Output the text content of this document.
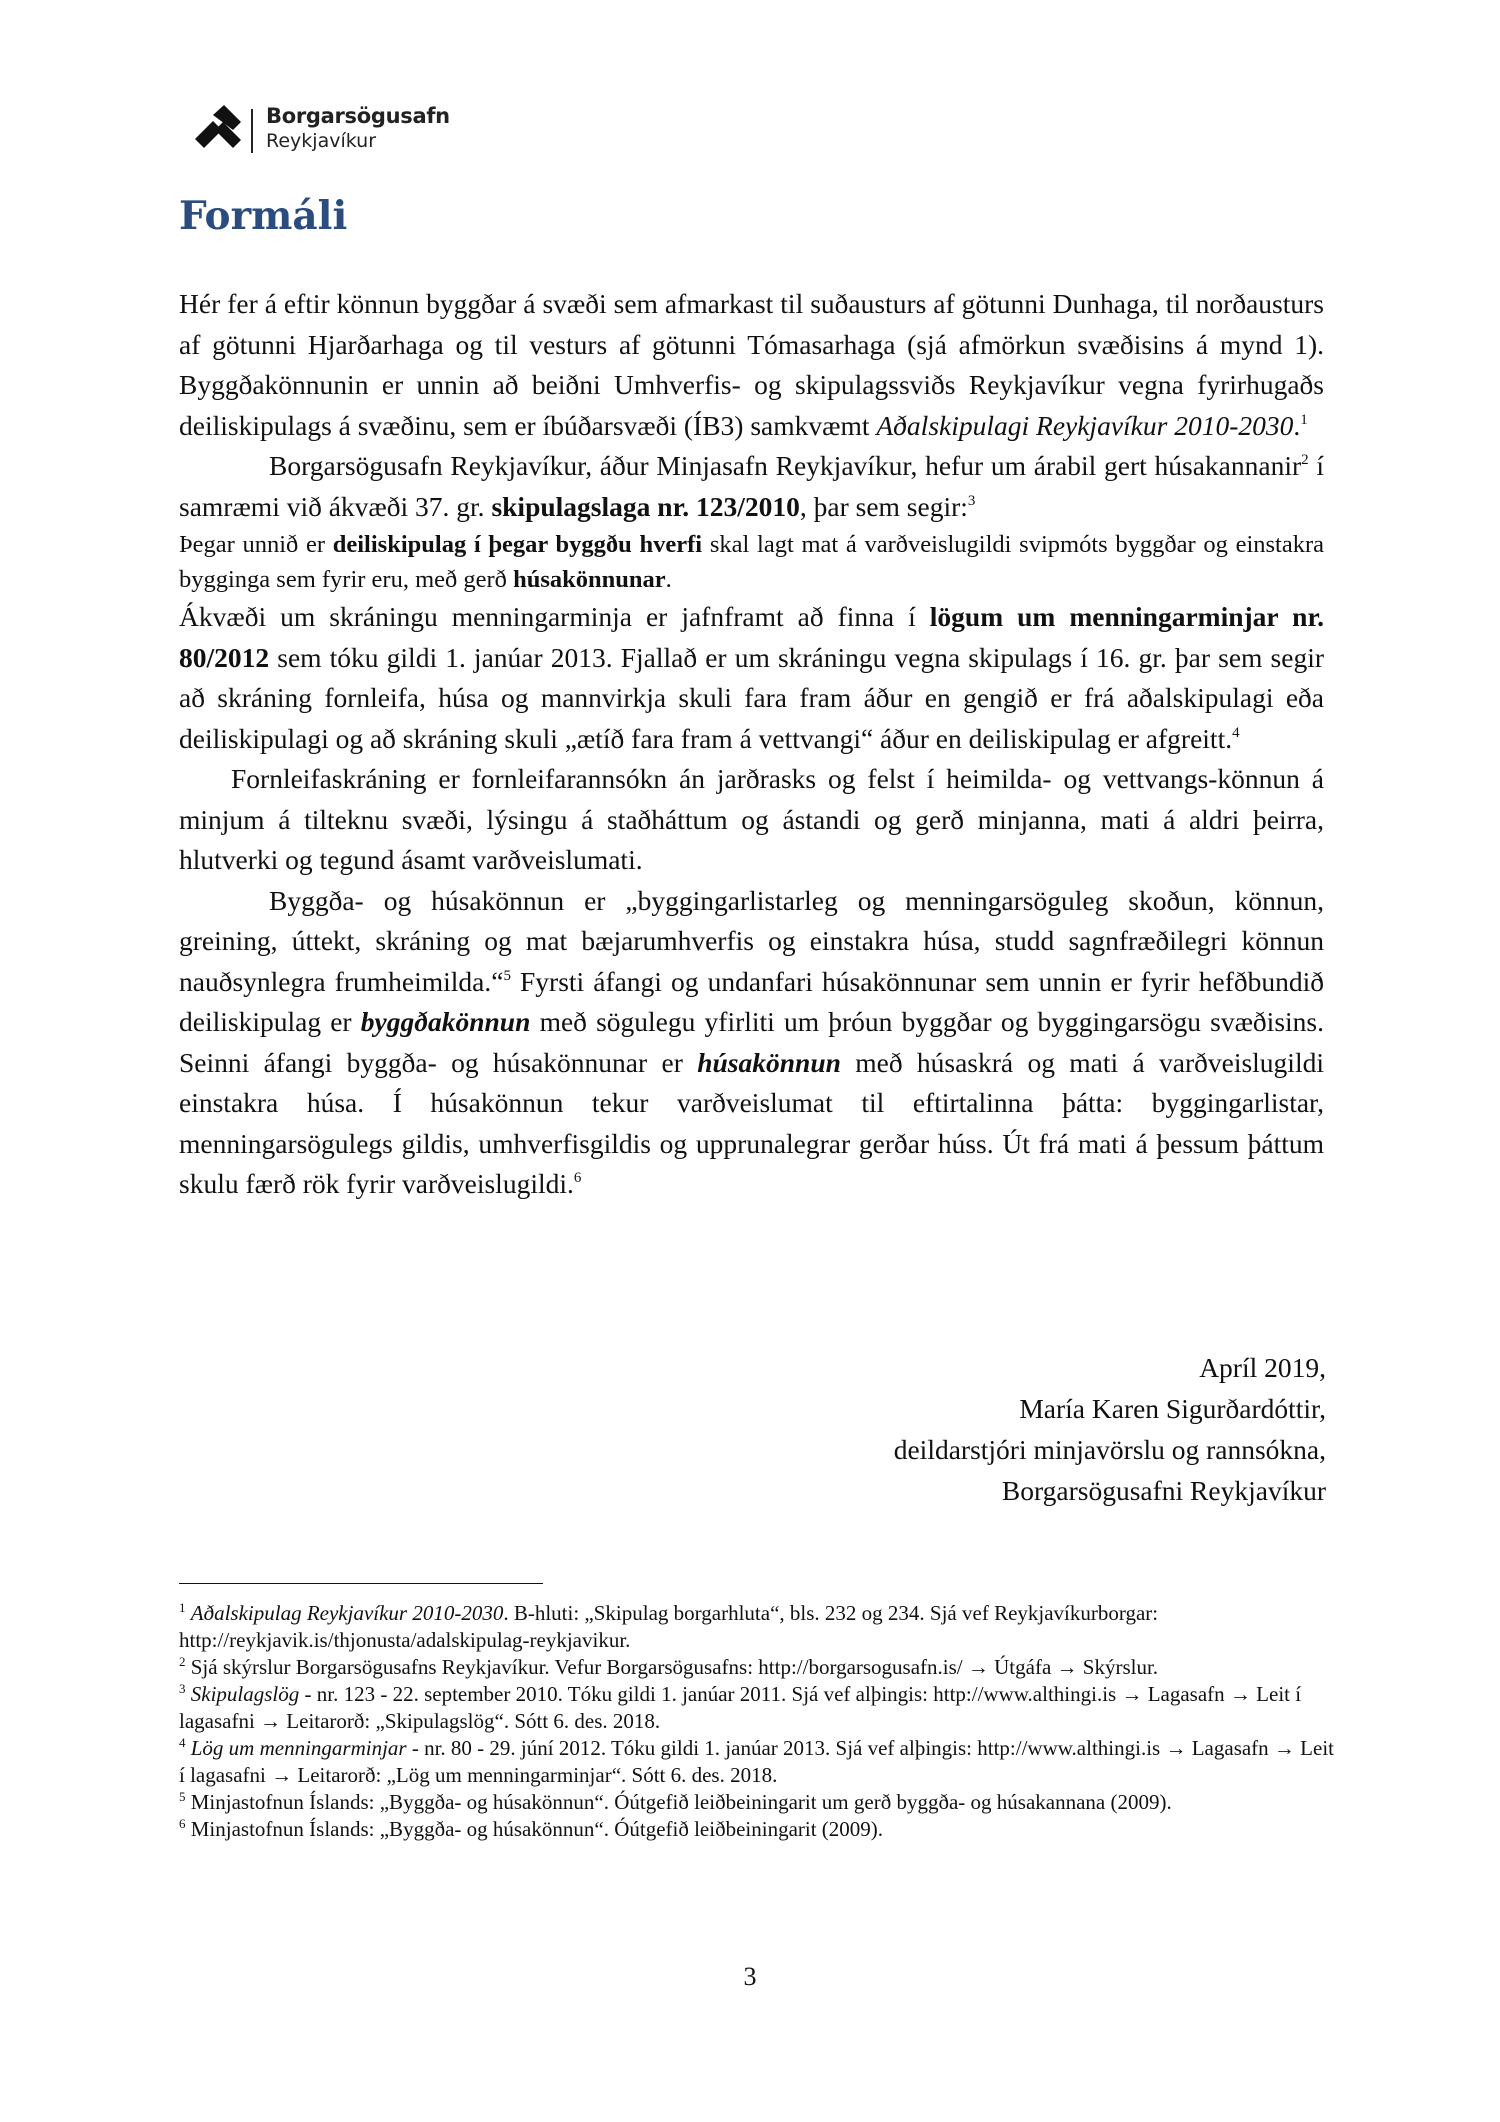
Borgarsögusafn
Reykjavíkur
Formáli

Hér fer á eftir könnun byggðar á svæði sem afmarkast til suðausturs af götunni Dunhaga, til norðausturs af götunni Hjarðarhaga og til vesturs af götunni Tómasarhaga (sjá afmörkun svæðisins á mynd 1). Byggðakönnunin er unnin að beiðni Umhverfis- og skipulagssviðs Reykjavíkur vegna fyrirhugaðs deiliskipulags á svæðinu, sem er íbúðarsvæði (ÍB3) samkvæmt Aðalskipulagi Reykjavíkur 2010-2030.$^1$

Borgarsögusafn Reykjavíkur, áður Minjasafn Reykjavíkur, hefur um árabil gert húsakannanir$^2$ í samræmi við ákvæði 37. gr. skipulagslaga nr. 123/2010, þar sem segir:$^3$

Þegar unnið er deiliskipulag í þegar byggðu hverfi skal lagt mat á varðveislugildi svipmóts byggðar og einstakra bygginga sem fyrir eru, með gerð húsakönnunar.

Ákvæði um skráningu menningarminja er jafnframt að finna í lögum um menningarminjar nr. 80/2012 sem tóku gildi 1. janúar 2013. Fjallað er um skráningu vegna skipulags í 16. gr. þar sem segir að skráning fornleifa, húsa og mannvirkja skuli fara fram áður en gengið er frá aðalskipulagi eða deiliskipulagi og að skráning skuli „ætíð fara fram á vettvangi“ áður en deiliskipulag er afgreitt.$^4$

Fornleifaskráning er fornleifarannsókn án jarðrasks og felst í heimilda- og vettvangs-könnun á minjum á tilteknu svæði, lýsingu á staðháttum og ástandi og gerð minjanna, mati á aldri þeirra, hlutverki og tegund ásamt varðveislumati.

Byggða- og húsakönnun er „byggingarlistarleg og menningarsöguleg skoðun, könnun, greining, úttekt, skráning og mat bæjarumhverfis og einstakra húsa, studd sagnfræðilegri könnun nauðsynlegra frumheimilda.“$^5$ Fyrsti áfangi og undanfari húsakönnunar sem unnin er fyrir hefðbundið deiliskipulag er byggðakönnun með sögulegu yfirliti um þróun byggðar og byggingarsögu svæðisins. Seinni áfangi byggða- og húsakönnunar er húsakönnun með húsaskrá og mati á varðveislugildi einstakra húsa. Í húsakönnun tekur varðveislumat til eftirtalinna þátta: byggingarlistar, menningarsögulegs gildis, umhverfisgildis og upprunalegrar gerðar húss. Út frá mati á þessum þáttum skulu færð rök fyrir varðveislugildi.$^6$

Apríl 2019,
María Karen Sigurðardóttir,
deildarstjóri minjavörslu og rannsókna,
Borgarsögusafni Reykjavíkur

$^1$ Aðalskipulag Reykjavíkur 2010-2030. B-hluti: „Skipulag borgarhluta“, bls. 232 og 234. Sjá vef Reykjavíkurborgar: http://reykjavik.is/thjonusta/adalskipulag-reykjavikur.

$^2$ Sjá skýrslur Borgarsögusafns Reykjavíkur. Vefur Borgarsögusafns: http://borgarsogusafn.is/ → Útgáfa → Skýrslur.

$^3$ Skipulagslög - nr. 123 - 22. september 2010. Tóku gildi 1. janúar 2011. Sjá vef alþingis: http://www.althingi.is → Lagasafn → Leit í lagasafni → Leitarorð: „Skipulagslög“. Sótt 6. des. 2018.

$^4$ Lög um menningarminjar - nr. 80 - 29. júní 2012. Tóku gildi 1. janúar 2013. Sjá vef alþingis: http://www.althingi.is → Lagasafn → Leit í lagasafni → Leitarorð: „Lög um menningarminjar“. Sótt 6. des. 2018.

$^5$ Minjastofnun Íslands: „Byggða- og húsakönnun“. Óútgefið leiðbeiningarit um gerð byggða- og húsakannana (2009).

$^6$ Minjastofnun Íslands: „Byggða- og húsakönnun“. Óútgefið leiðbeiningarit (2009).

3
